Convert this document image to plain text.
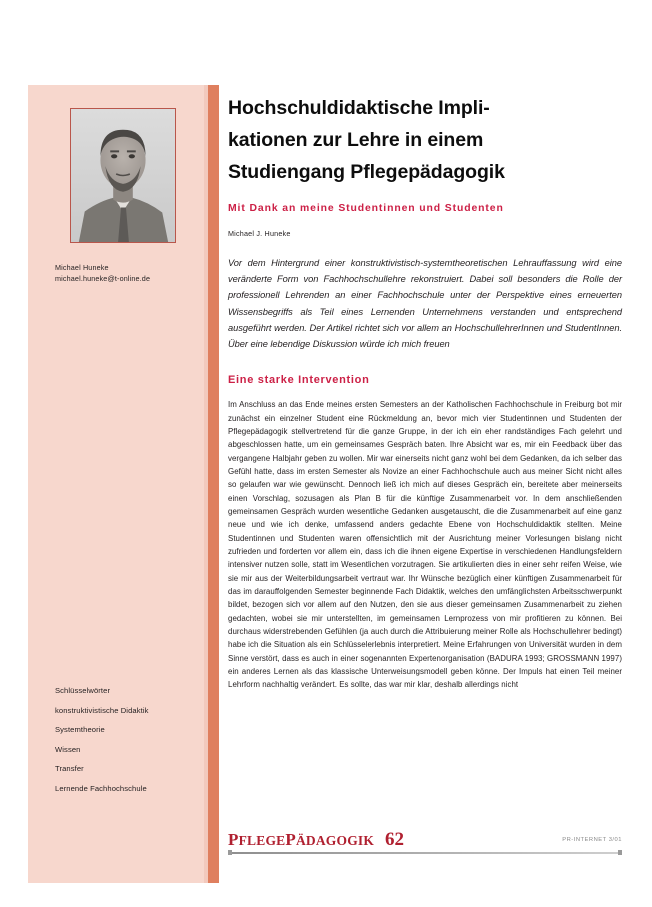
Michael Huneke
michael.huneke@t-online.de
Schlüsselwörter
konstruktivistische Didaktik
Systemtheorie
Wissen
Transfer
Lernende Fachhochschule
Hochschuldidaktische Impli-
kationen zur Lehre in einem
Studiengang Pflegepädagogik
Mit Dank an meine Studentinnen und Studenten
Michael J. Huneke
Vor dem Hintergrund einer konstruktivistisch-systemtheoretischen Lehrauffassung wird eine veränderte Form von Fachhochschullehre rekonstruiert. Dabei soll besonders die Rolle der professionell Lehrenden an einer Fachhochschule unter der Perspektive eines erneuerten Wissensbegriffs als Teil eines Lernenden Unternehmens verstanden und entsprechend ausgeführt werden. Der Artikel richtet sich vor allem an HochschullehrerInnen und StudentInnen. Über eine lebendige Diskussion würde ich mich freuen
Eine starke Intervention
Im Anschluss an das Ende meines ersten Semesters an der Katholischen Fachhochschule in Freiburg bot mir zunächst ein einzelner Student eine Rückmeldung an, bevor mich vier Studentinnen und Studenten der Pflegepädagogik stellvertretend für die ganze Gruppe, in der ich ein eher randständiges Fach gelehrt und abgeschlossen hatte, um ein gemeinsames Gespräch baten. Ihre Absicht war es, mir ein Feedback über das vergangene Halbjahr geben zu wollen. Mir war einerseits nicht ganz wohl bei dem Gedanken, da ich selber das Gefühl hatte, dass im ersten Semester als Novize an einer Fachhochschule auch aus meiner Sicht nicht alles so gelaufen war wie gewünscht. Dennoch ließ ich mich auf dieses Gespräch ein, bereitete aber meinerseits einen Vorschlag, sozusagen als Plan B für die künftige Zusammenarbeit vor. In dem anschließenden gemeinsamen Gespräch wurden wesentliche Gedanken ausgetauscht, die die Zusammenarbeit auf eine ganz neue und wie ich denke, umfassend anders gedachte Ebene von Hochschuldidaktik stellten. Meine Studentinnen und Studenten waren offensichtlich mit der Ausrichtung meiner Vorlesungen bislang nicht zufrieden und forderten vor allem ein, dass ich die ihnen eigene Expertise in verschiedenen Handlungsfeldern intensiver nutzen solle, statt im Wesentlichen vorzutragen. Sie artikulierten dies in einer sehr reifen Weise, wie sie mir aus der Weiterbildungsarbeit vertraut war. Ihr Wünsche bezüglich einer künftigen Zusammenarbeit für das im darauffolgenden Semester beginnende Fach Didaktik, welches den umfänglichsten Arbeitsschwerpunkt bildet, bezogen sich vor allem auf den Nutzen, den sie aus dieser gemeinsamen Zusammenarbeit zu ziehen gedachten, wobei sie mir unterstellten, im gemeinsamen Lernprozess von mir profitieren zu können. Bei durchaus widerstrebenden Gefühlen (ja auch durch die Attribuierung meiner Rolle als Hochschullehrer bedingt) habe ich die Situation als ein Schlüsselerlebnis interpretiert. Meine Erfahrungen von Universität wurden in dem Sinne verstört, dass es auch in einer sogenannten Expertenorganisation (BADURA 1993; GROSSMANN 1997) ein anderes Lernen als das klassische Unterweisungsmodell geben könne. Der Impuls hat einen Teil meiner Lehrform nachhaltig verändert. Es sollte, das war mir klar, deshalb allerdings nicht
PFLEGEPÄDAGOGIK 62	PR-INTERNET 3/01
